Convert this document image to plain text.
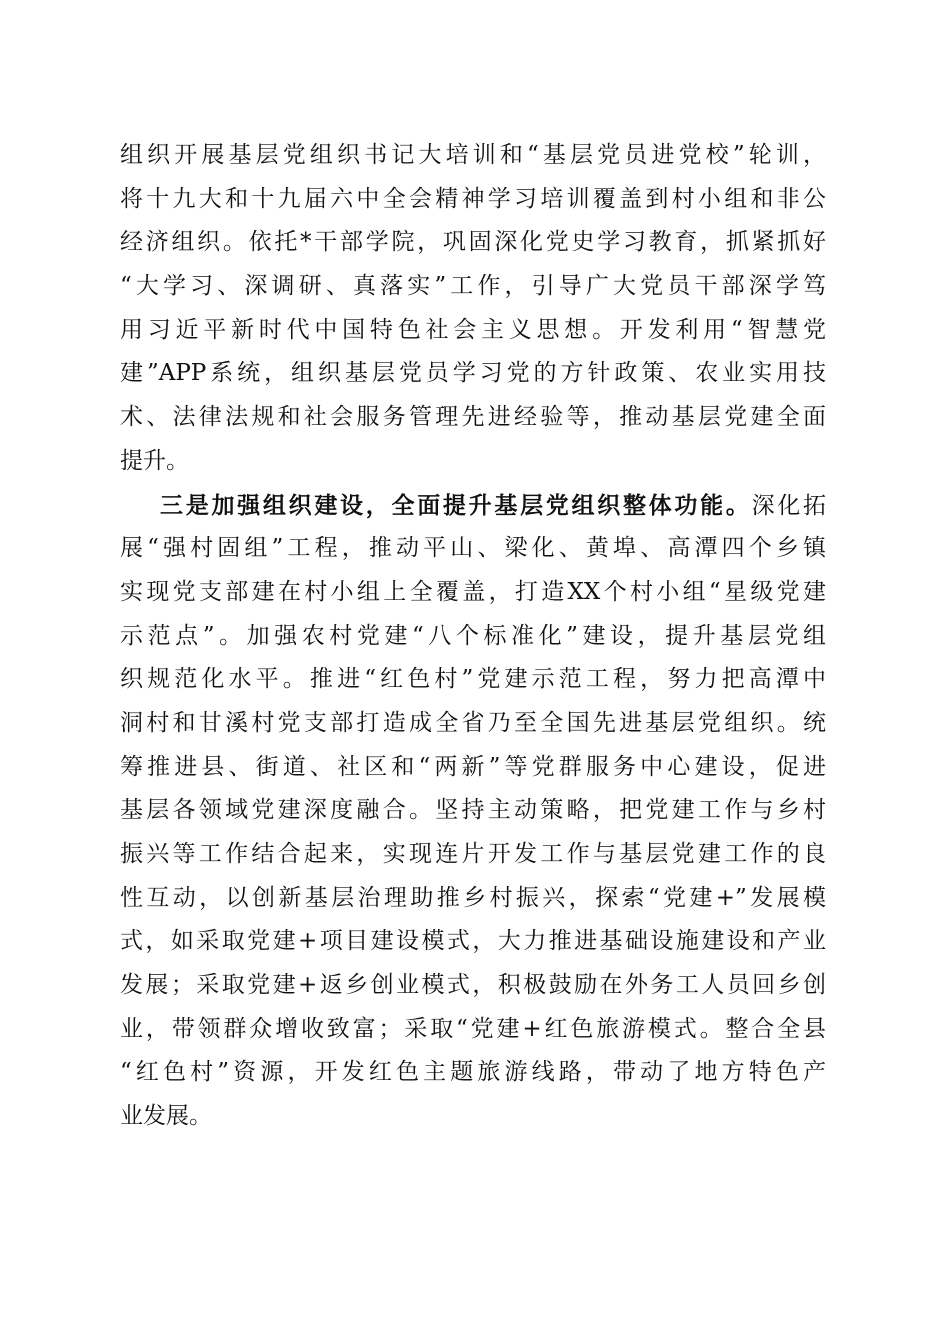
组织开展基层党组织书记大培训和“基层党员进党校”轮训，
将十九大和十九届六中全会精神学习培训覆盖到村小组和非公
经济组织。依托*干部学院，巩固深化党史学习教育，抓紧抓好
“大学习、深调研、真落实”工作，引导广大党员干部深学笃
用习近平新时代中国特色社会主义思想。开发利用“智慧党
建”APP系统，组织基层党员学习党的方针政策、农业实用技
术、法律法规和社会服务管理先进经验等，推动基层党建全面
提升。
三是加强组织建设，全面提升基层党组织整体功能。深化拓
展“强村固组”工程，推动平山、梁化、黄埠、高潭四个乡镇
实现党支部建在村小组上全覆盖，打造XX个村小组“星级党建
示范点”。加强农村党建“八个标准化”建设，提升基层党组
织规范化水平。推进“红色村”党建示范工程，努力把高潭中
洞村和甘溪村党支部打造成全省乃至全国先进基层党组织。统
筹推进县、街道、社区和“两新”等党群服务中心建设，促进
基层各领域党建深度融合。坚持主动策略，把党建工作与乡村
振兴等工作结合起来，实现连片开发工作与基层党建工作的良
性互动，以创新基层治理助推乡村振兴，探索“党建+”发展模
式，如采取党建+项目建设模式，大力推进基础设施建设和产业
发展；采取党建+返乡创业模式，积极鼓励在外务工人员回乡创
业，带领群众增收致富；采取“党建+红色旅游模式。整合全县
“红色村”资源，开发红色主题旅游线路，带动了地方特色产
业发展。
